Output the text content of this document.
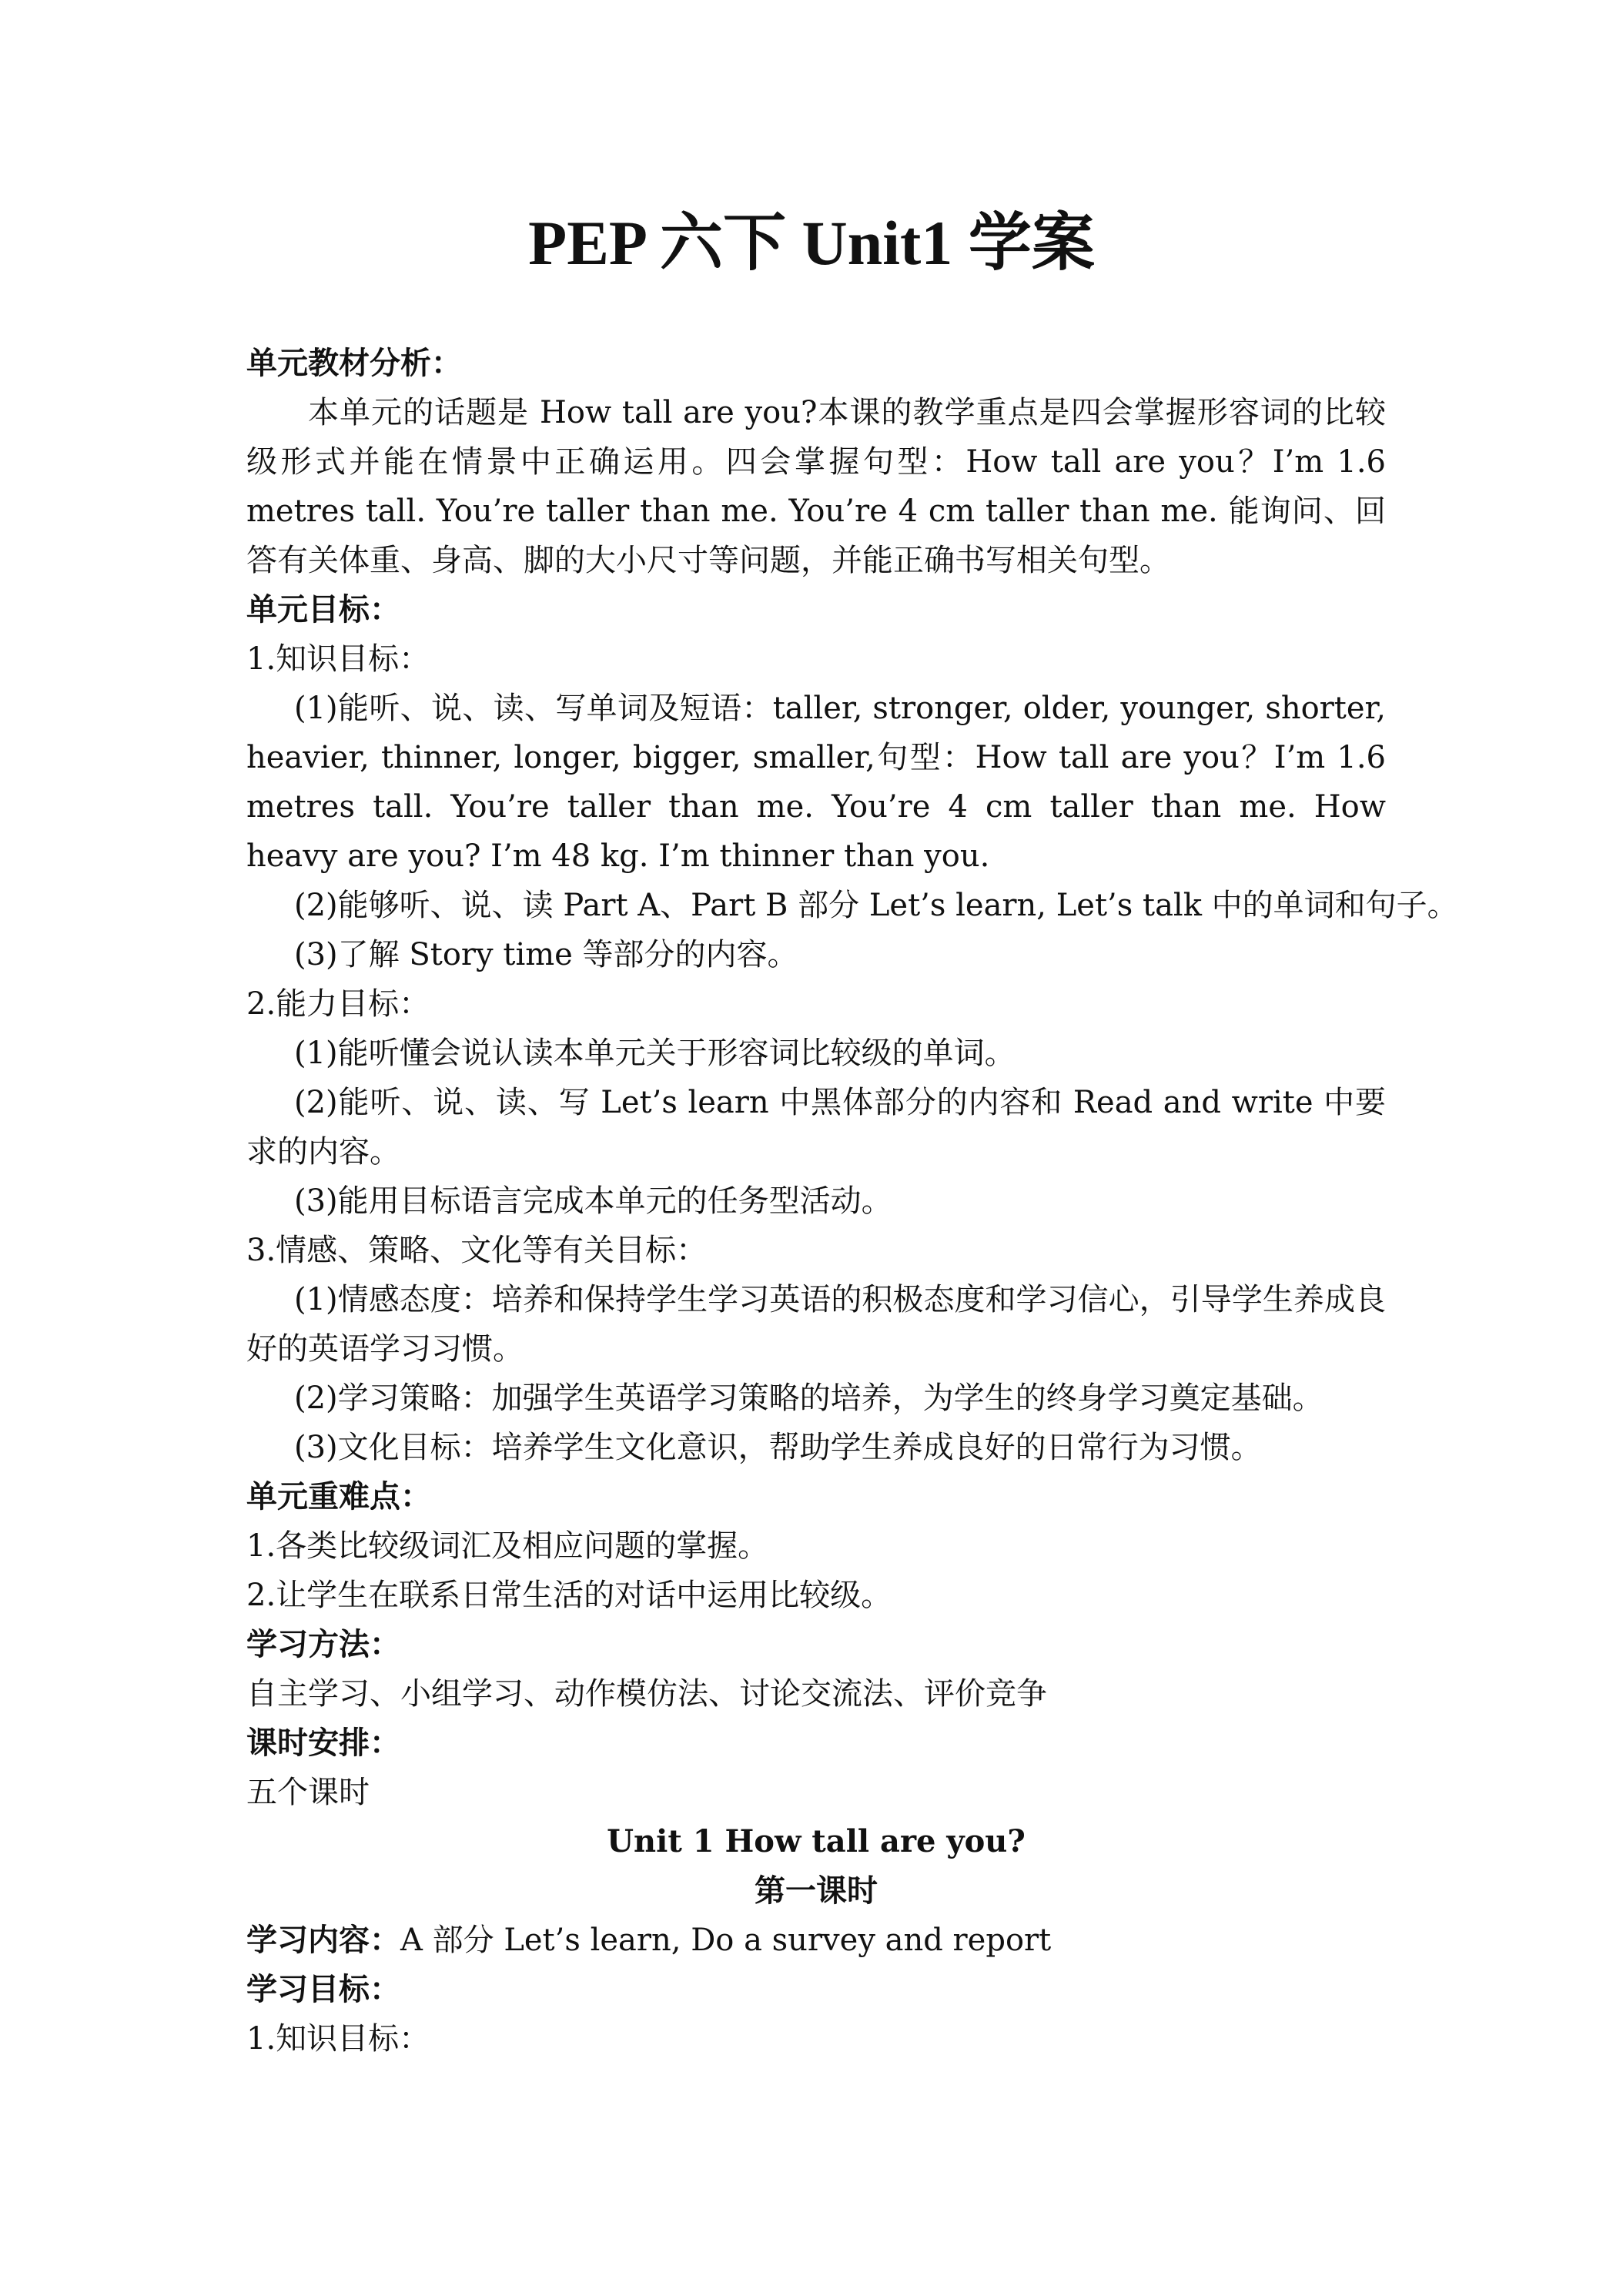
PEP 六下 Unit1 学案

单元教材分析：

本单元的话题是 How tall are you?本课的教学重点是四会掌握形容词的比较级形式并能在情景中正确运用。四会掌握句型：How tall are you？I’m 1.6 metres tall. You’re taller than me. You’re 4 cm taller than me. 能询问、回答有关体重、身高、脚的大小尺寸等问题，并能正确书写相关句型。

单元目标：

1.知识目标：

(1)能听、说、读、写单词及短语：taller, stronger, older, younger, shorter, heavier, thinner, longer, bigger, smaller,句型：How tall are you？I’m 1.6 metres tall. You’re taller than me. You’re 4 cm taller than me. How heavy are you? I’m 48 kg. I’m thinner than you.

(2)能够听、说、读 Part A、Part B 部分 Let’s learn, Let’s talk 中的单词和句子。

(3)了解 Story time 等部分的内容。

2.能力目标：

(1)能听懂会说认读本单元关于形容词比较级的单词。

(2)能听、说、读、写 Let’s learn 中黑体部分的内容和 Read and write 中要求的内容。

(3)能用目标语言完成本单元的任务型活动。

3.情感、策略、文化等有关目标：

(1)情感态度：培养和保持学生学习英语的积极态度和学习信心，引导学生养成良好的英语学习习惯。

(2)学习策略：加强学生英语学习策略的培养，为学生的终身学习奠定基础。

(3)文化目标：培养学生文化意识，帮助学生养成良好的日常行为习惯。

单元重难点：

1.各类比较级词汇及相应问题的掌握。

2.让学生在联系日常生活的对话中运用比较级。

学习方法：

自主学习、小组学习、动作模仿法、讨论交流法、评价竞争

课时安排：

五个课时

Unit 1 How tall are you?

第一课时

学习内容：A 部分 Let’s learn, Do a survey and report

学习目标：

1.知识目标：
